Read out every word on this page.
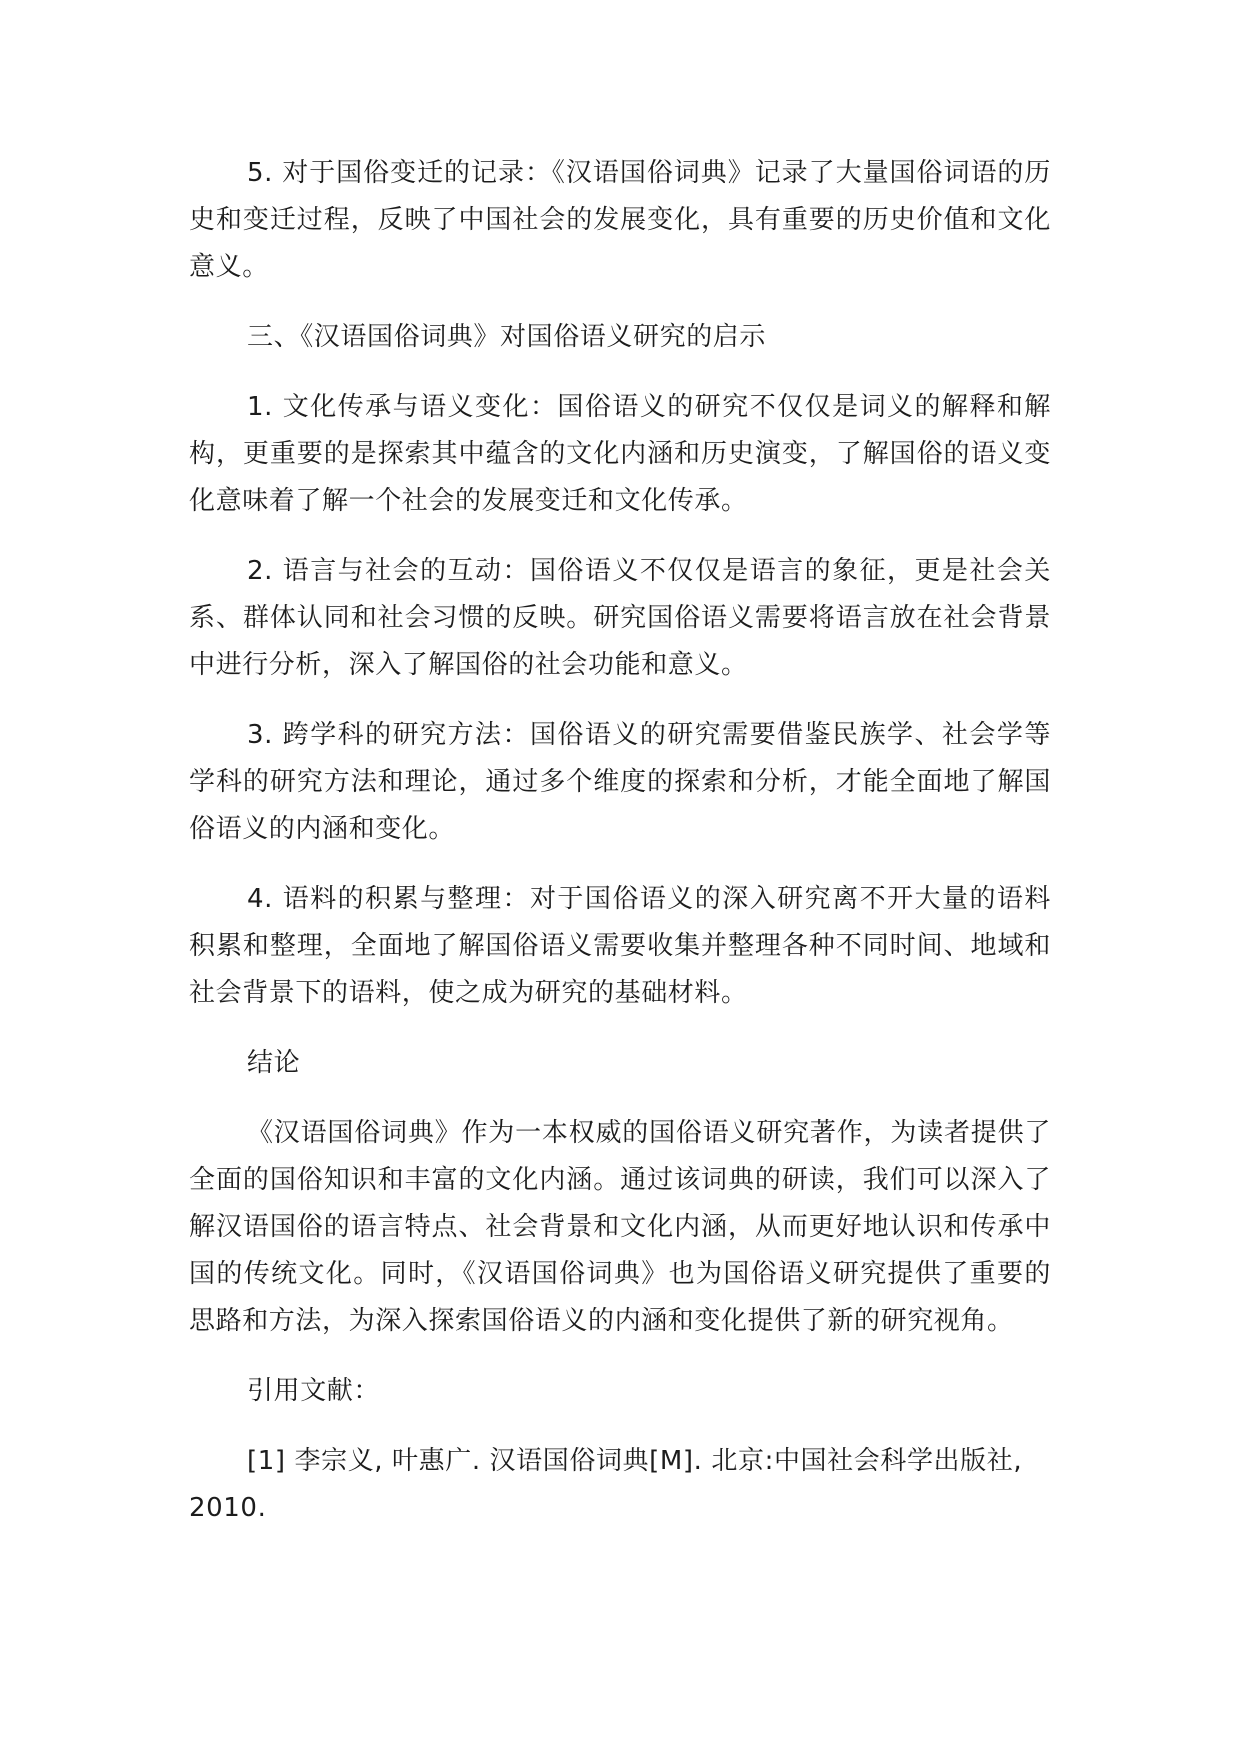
5. 对于国俗变迁的记录：《汉语国俗词典》记录了大量国俗词语的历史和变迁过程，反映了中国社会的发展变化，具有重要的历史价值和文化意义。

三、《汉语国俗词典》对国俗语义研究的启示

1. 文化传承与语义变化：国俗语义的研究不仅仅是词义的解释和解构，更重要的是探索其中蕴含的文化内涵和历史演变，了解国俗的语义变化意味着了解一个社会的发展变迁和文化传承。

2. 语言与社会的互动：国俗语义不仅仅是语言的象征，更是社会关系、群体认同和社会习惯的反映。研究国俗语义需要将语言放在社会背景中进行分析，深入了解国俗的社会功能和意义。

3. 跨学科的研究方法：国俗语义的研究需要借鉴民族学、社会学等学科的研究方法和理论，通过多个维度的探索和分析，才能全面地了解国俗语义的内涵和变化。

4. 语料的积累与整理：对于国俗语义的深入研究离不开大量的语料积累和整理，全面地了解国俗语义需要收集并整理各种不同时间、地域和社会背景下的语料，使之成为研究的基础材料。

结论

《汉语国俗词典》作为一本权威的国俗语义研究著作，为读者提供了全面的国俗知识和丰富的文化内涵。通过该词典的研读，我们可以深入了解汉语国俗的语言特点、社会背景和文化内涵，从而更好地认识和传承中国的传统文化。同时，《汉语国俗词典》也为国俗语义研究提供了重要的思路和方法，为深入探索国俗语义的内涵和变化提供了新的研究视角。

引用文献：

[1] 李宗义, 叶惠广. 汉语国俗词典[M]. 北京:中国社会科学出版社, 2010.
